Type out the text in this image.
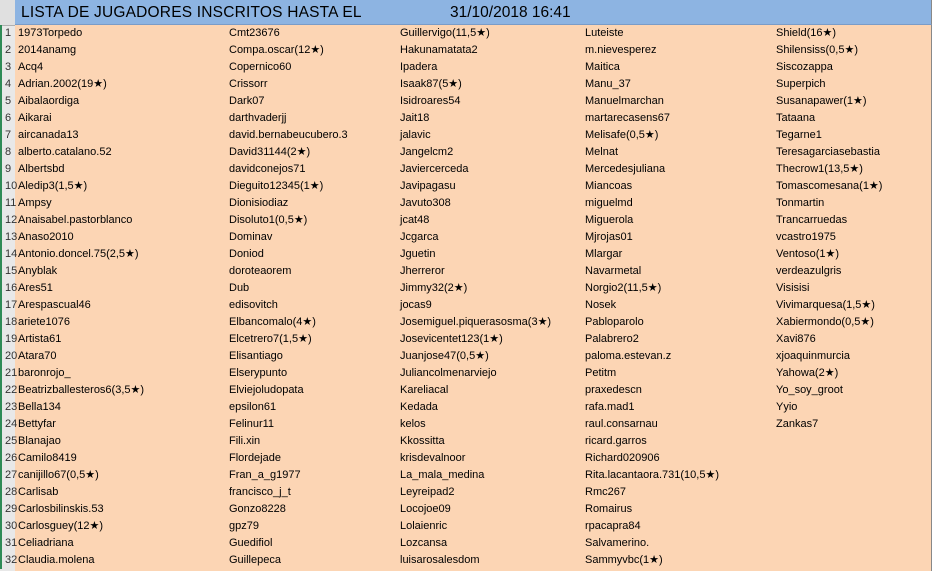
LISTA DE JUGADORES INSCRITOS HASTA EL	31/10/2018 16:41
1 1973Torpedo	Cmt23676	Guillervigo(11,5★)	Luteiste	Shield(16★)
2 2014anamg	Compa.oscar(12★)	Hakunamatata2	m.nievesperez	Shilensiss(0,5★)
3 Acq4	Copernico60	Ipadera	Maitica	Siscozappa
4 Adrian.2002(19★)	Crissorr	Isaak87(5★)	Manu_37	Superpich
5 Aibalaordiga	Dark07	Isidroares54	Manuelmarchan	Susanapawer(1★)
6 Aikarai	darthvaderjj	Jait18	martarecasens67	Tataana
7 aircanada13	david.bernabeucubero.3	jalavic	Melisafe(0,5★)	Tegarne1
8 alberto.catalano.52	David31144(2★)	Jangelcm2	Melnat	Teresagarciasebastia
9 Albertsbd	davidconejos71	Javiercerceda	Mercedesjuliana	Thecrow1(13,5★)
10 Aledip3(1,5★)	Dieguito12345(1★)	Javipagasu	Miancoas	Tomascomesana(1★)
11 Ampsy	Dionisiodiaz	Javuto308	miguelmd	Tonmartin
12 Anaisabel.pastorblanco	Disoluto1(0,5★)	jcat48	Miguerola	Trancarruedas
13 Anaso2010	Dominav	Jcgarca	Mjrojas01	vcastro1975
14 Antonio.doncel.75(2,5★)	Doniod	Jguetin	Mlargar	Ventoso(1★)
15 Anyblak	doroteaorem	Jherreror	Navarmetal	verdeazulgris
16 Ares51	Dub	Jimmy32(2★)	Norgio2(11,5★)	Visisisi
17 Arespascual46	edisovitch	jocas9	Nosek	Vivimarquesa(1,5★)
18 ariete1076	Elbancomalo(4★)	Josemiguel.piquerasosma(3★)	Pabloparolo	Xabiermondo(0,5★)
19 Artista61	Elcetrero7(1,5★)	Josevicentet123(1★)	Palabrero2	Xavi876
20 Atara70	Elisantiago	Juanjose47(0,5★)	paloma.estevan.z	xjoaquinmurcia
21 baronrojo_	Elserypunto	Juliancolmenarviejo	Petitm	Yahowa(2★)
22 Beatrizballesteros6(3,5★)	Elviejoludopata	Kareliacal	praxedescn	Yo_soy_groot
23 Bella134	epsilon61	Kedada	rafa.mad1	Yyio
24 Bettyfar	Felinur11	kelos	raul.consarnau	Zankas7
25 Blanajao	Fili.xin	Kkossitta	ricard.garros
26 Camilo8419	Flordejade	krisdevalnoor	Richard020906
27 canijillo67(0,5★)	Fran_a_g1977	La_mala_medina	Rita.lacantaora.731(10,5★)
28 Carlisab	francisco_j_t	Leyreipad2	Rmc267
29 Carlosbilinskis.53	Gonzo8228	Locojoe09	Romairus
30 Carlosguey(12★)	gpz79	Lolaienric	rpacapra84
31 Celiadriana	Guedifiol	Lozcansa	Salvamerino.
32 Claudia.molena	Guillepeca	luisarosalesdom	Sammyvbc(1★)
